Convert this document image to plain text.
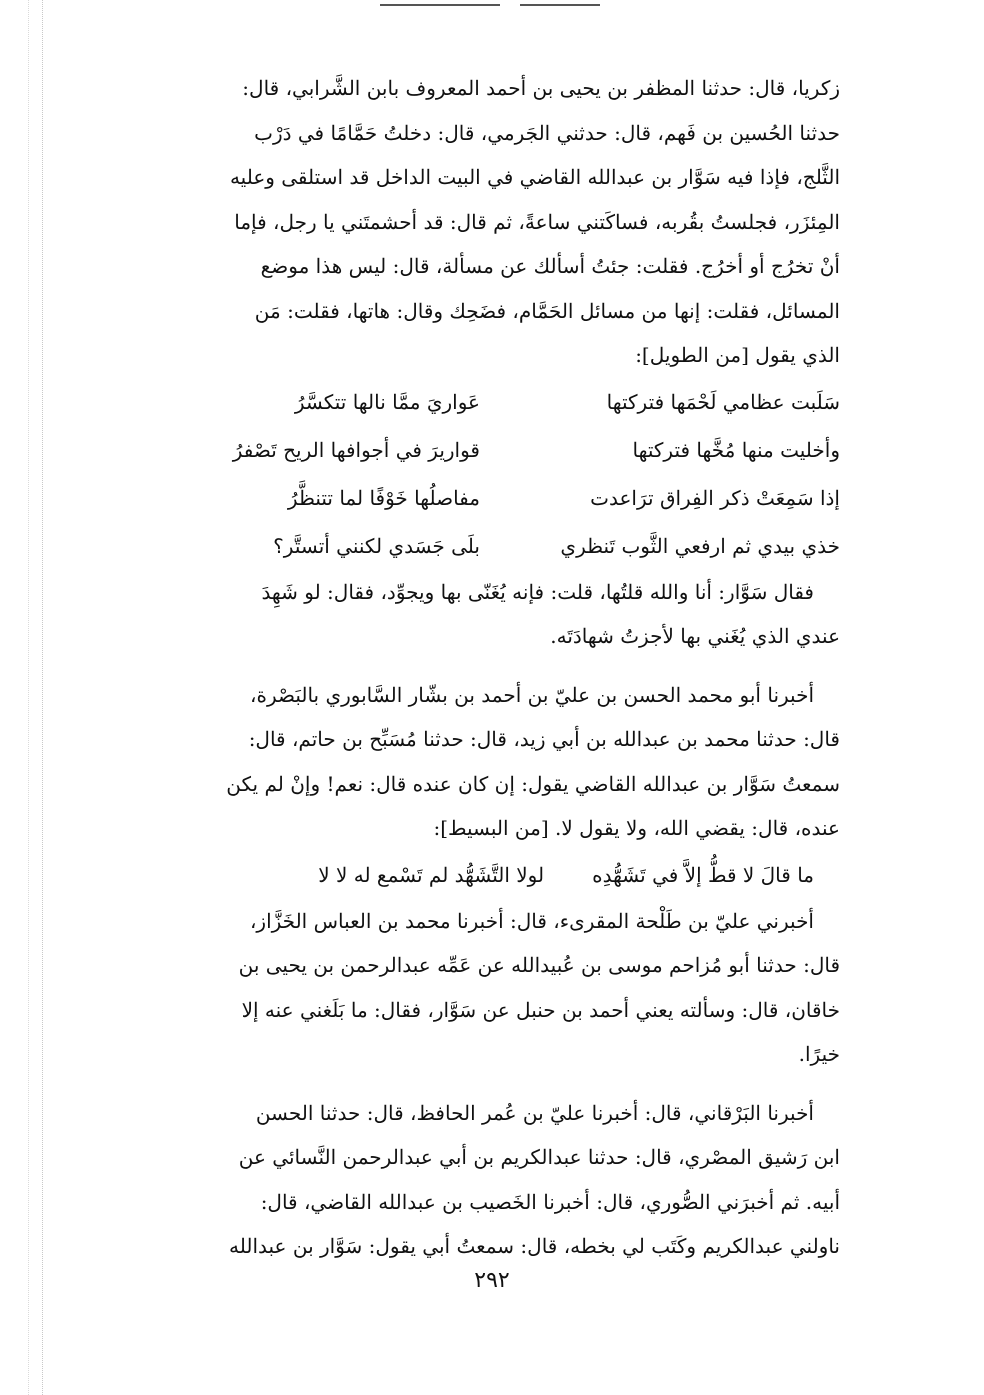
زكريا، قال: حدثنا المظفر بن يحيى بن أحمد المعروف بابن الشَّرابي، قال:

حدثنا الحُسين بن فَهم، قال: حدثني الجَرمي، قال: دخلتُ حَمَّامًا في دَرْب

الثَّلج، فإذا فيه سَوَّار بن عبدالله القاضي في البيت الداخل قد استلقى وعليه

المِئزَر، فجلستُ بقُربه، فساكَتني ساعةً، ثم قال: قد أحشمتَني يا رجل، فإما

أنْ تخرُج أو أخرُج. فقلت: جئتُ أسألك عن مسألة، قال: ليس هذا موضع

المسائل، فقلت: إنها من مسائل الحَمَّام، فضَحِك وقال: هاتها، فقلت: مَن

الذي يقول [من الطويل]:

سَلَبت عظامي لَحْمَها فتركتها
عَواريَ ممَّا نالها تتكسَّرُ
وأخليت منها مُخَّها فتركتها
قواريرَ في أجوافها الريح تَصْفرُ
إذا سَمِعَتْ ذكر الفِراق ترَاعدت
مفاصلُها خَوْفًا لما تتنظَّرُ
خذي بيدي ثم ارفعي الثَّوب تَنظري
بلَى جَسَدي لكنني أتستَّر؟

فقال سَوَّار: أنا والله قلتُها، قلت: فإنه يُغَنّى بها ويجوِّد، فقال: لو شَهِدَ

عندي الذي يُغَني بها لأجزتُ شهادَتَه.

أخبرنا أبو محمد الحسن بن عليّ بن أحمد بن بشّار السَّابوري بالبَصْرة،

قال: حدثنا محمد بن عبدالله بن أبي زيد، قال: حدثنا مُسَبِّح بن حاتم، قال:

سمعتُ سَوَّار بن عبدالله القاضي يقول: إن كان عنده قال: نعم! وإنْ لم يكن

عنده، قال: يقضي الله، ولا يقول لا. [من البسيط]:

ما قالَ لا قطُّ إلاَّ في تَشَهُّدِه
لولا التَّشَهُّد لم تَسْمع له لا لا

أخبرني عليّ بن طَلْحة المقرىء، قال: أخبرنا محمد بن العباس الخَزَّاز،

قال: حدثنا أبو مُزاحم موسى بن عُبيدالله عن عَمِّه عبدالرحمن بن يحيى بن

خاقان، قال: وسألته يعني أحمد بن حنبل عن سَوَّار، فقال: ما بَلَغني عنه إلا

خيرًا.

أخبرنا البَرْقاني، قال: أخبرنا عليّ بن عُمر الحافظ، قال: حدثنا الحسن

ابن رَشيق المصْري، قال: حدثنا عبدالكريم بن أبي عبدالرحمن النَّسائي عن

أبيه. ثم أخبرَني الصُّوري، قال: أخبرنا الخَصيب بن عبدالله القاضي، قال:

ناولني عبدالكريم وكَتَب لي بخطه، قال: سمعتُ أبي يقول: سَوَّار بن عبدالله

٢٩٢
